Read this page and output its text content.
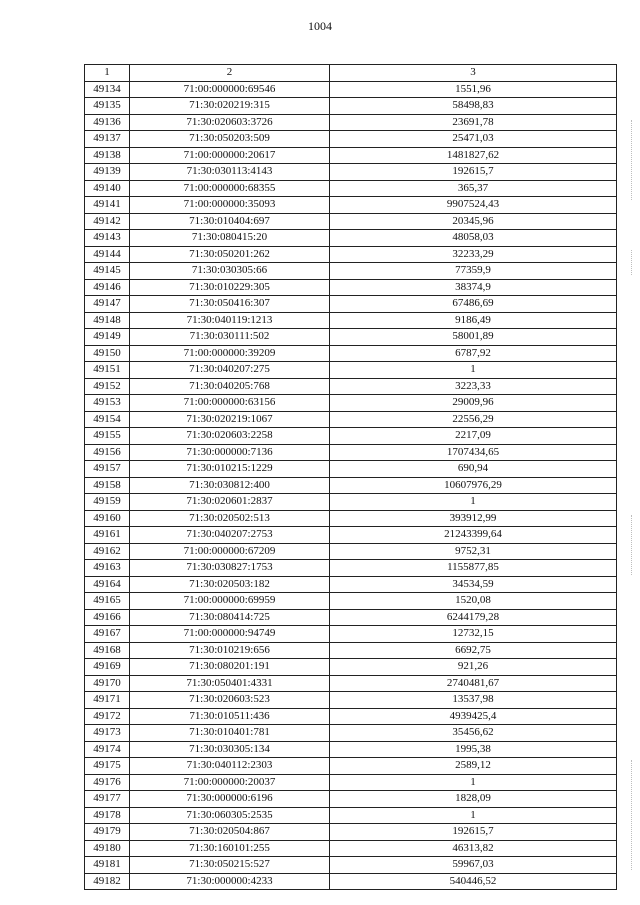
1004
1	2	3
49134	71:00:000000:69546	1551,96
49135	71:30:020219:315	58498,83
49136	71:30:020603:3726	23691,78
49137	71:30:050203:509	25471,03
49138	71:00:000000:20617	1481827,62
49139	71:30:030113:4143	192615,7
49140	71:00:000000:68355	365,37
49141	71:00:000000:35093	9907524,43
49142	71:30:010404:697	20345,96
49143	71:30:080415:20	48058,03
49144	71:30:050201:262	32233,29
49145	71:30:030305:66	77359,9
49146	71:30:010229:305	38374,9
49147	71:30:050416:307	67486,69
49148	71:30:040119:1213	9186,49
49149	71:30:030111:502	58001,89
49150	71:00:000000:39209	6787,92
49151	71:30:040207:275	1
49152	71:30:040205:768	3223,33
49153	71:00:000000:63156	29009,96
49154	71:30:020219:1067	22556,29
49155	71:30:020603:2258	2217,09
49156	71:30:000000:7136	1707434,65
49157	71:30:010215:1229	690,94
49158	71:30:030812:400	10607976,29
49159	71:30:020601:2837	1
49160	71:30:020502:513	393912,99
49161	71:30:040207:2753	21243399,64
49162	71:00:000000:67209	9752,31
49163	71:30:030827:1753	1155877,85
49164	71:30:020503:182	34534,59
49165	71:00:000000:69959	1520,08
49166	71:30:080414:725	6244179,28
49167	71:00:000000:94749	12732,15
49168	71:30:010219:656	6692,75
49169	71:30:080201:191	921,26
49170	71:30:050401:4331	2740481,67
49171	71:30:020603:523	13537,98
49172	71:30:010511:436	4939425,4
49173	71:30:010401:781	35456,62
49174	71:30:030305:134	1995,38
49175	71:30:040112:2303	2589,12
49176	71:00:000000:20037	1
49177	71:30:000000:6196	1828,09
49178	71:30:060305:2535	1
49179	71:30:020504:867	192615,7
49180	71:30:160101:255	46313,82
49181	71:30:050215:527	59967,03
49182	71:30:000000:4233	540446,52
